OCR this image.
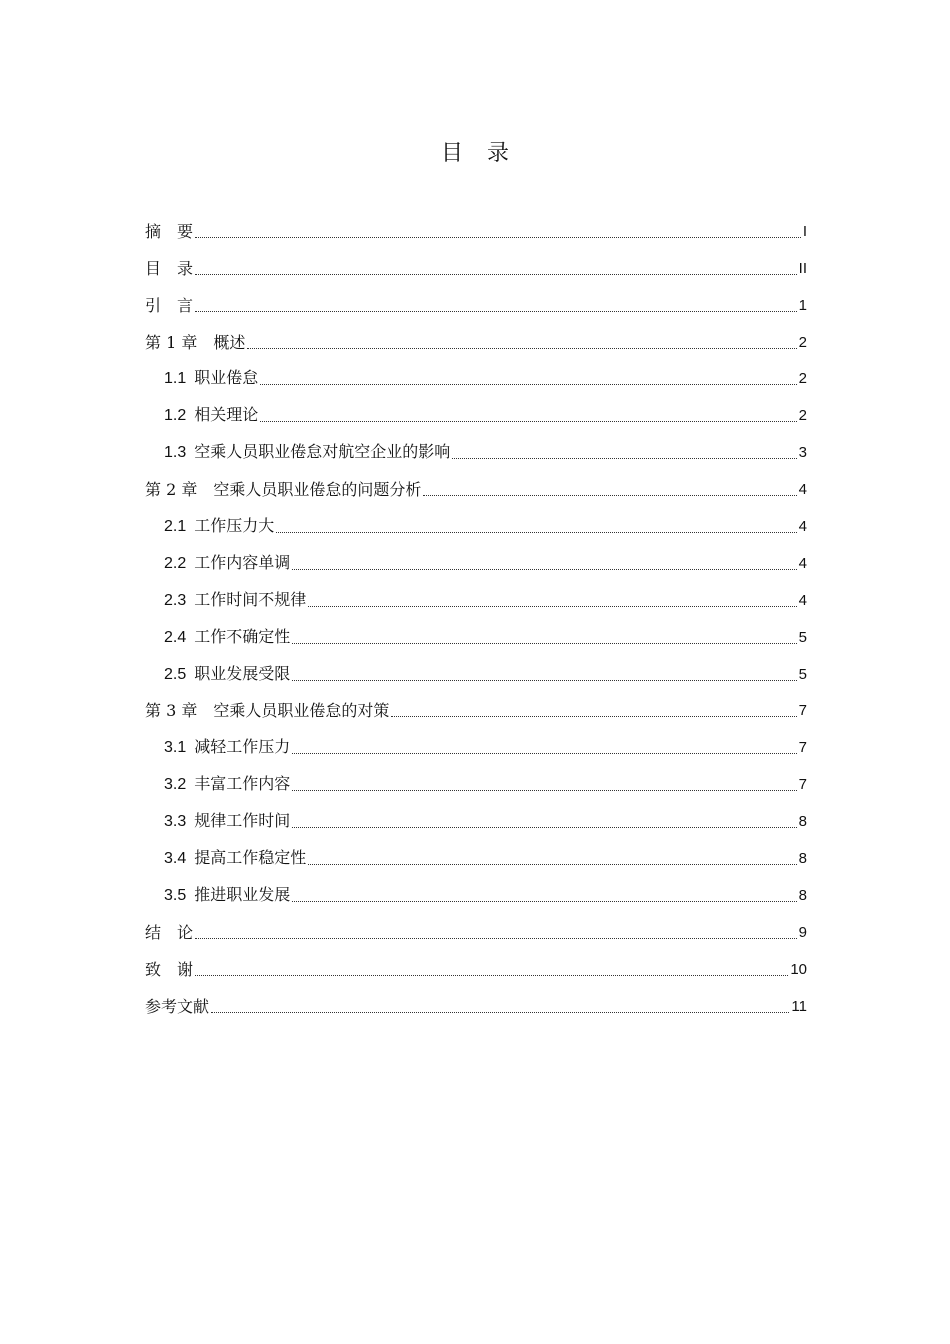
目 录
摘　要	I
目　录	II
引　言	1
第 1 章　概述	2
1.1 职业倦怠	2
1.2 相关理论	2
1.3 空乘人员职业倦怠对航空企业的影响	3
第 2 章　空乘人员职业倦怠的问题分析	4
2.1 工作压力大	4
2.2 工作内容单调	4
2.3 工作时间不规律	4
2.4 工作不确定性	5
2.5 职业发展受限	5
第 3 章　空乘人员职业倦怠的对策	7
3.1 减轻工作压力	7
3.2 丰富工作内容	7
3.3 规律工作时间	8
3.4 提高工作稳定性	8
3.5 推进职业发展	8
结　论	9
致　谢	10
参考文献	11
